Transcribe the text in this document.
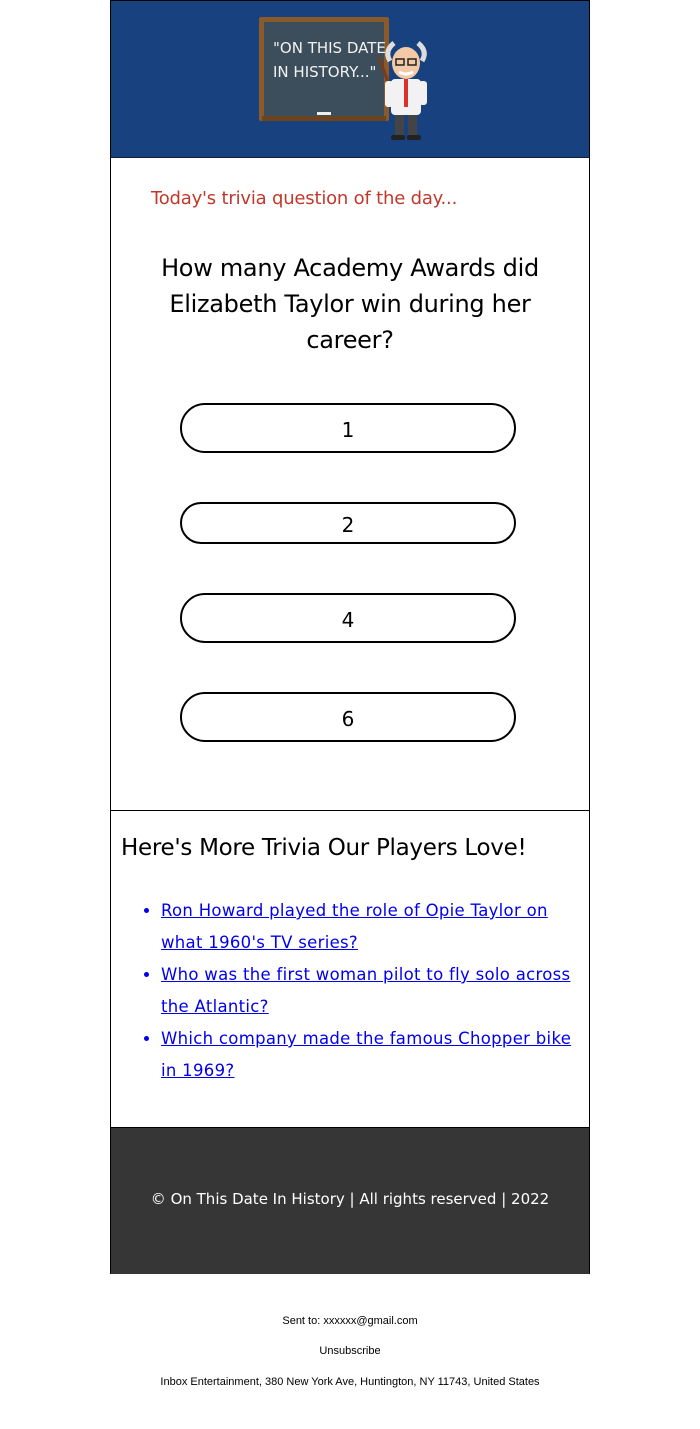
"ON THIS DATE
IN HISTORY..."
Today's trivia question of the day...
How many Academy Awards did Elizabeth Taylor win during her career?
1
2
4
6
Here's More Trivia Our Players Love!
• Ron Howard played the role of Opie Taylor on what 1960's TV series?
• Who was the first woman pilot to fly solo across the Atlantic?
• Which company made the famous Chopper bike in 1969?
© On This Date In History | All rights reserved | 2022
Sent to: xxxxxx@gmail.com
Unsubscribe
Inbox Entertainment, 380 New York Ave, Huntington, NY 11743, United States
